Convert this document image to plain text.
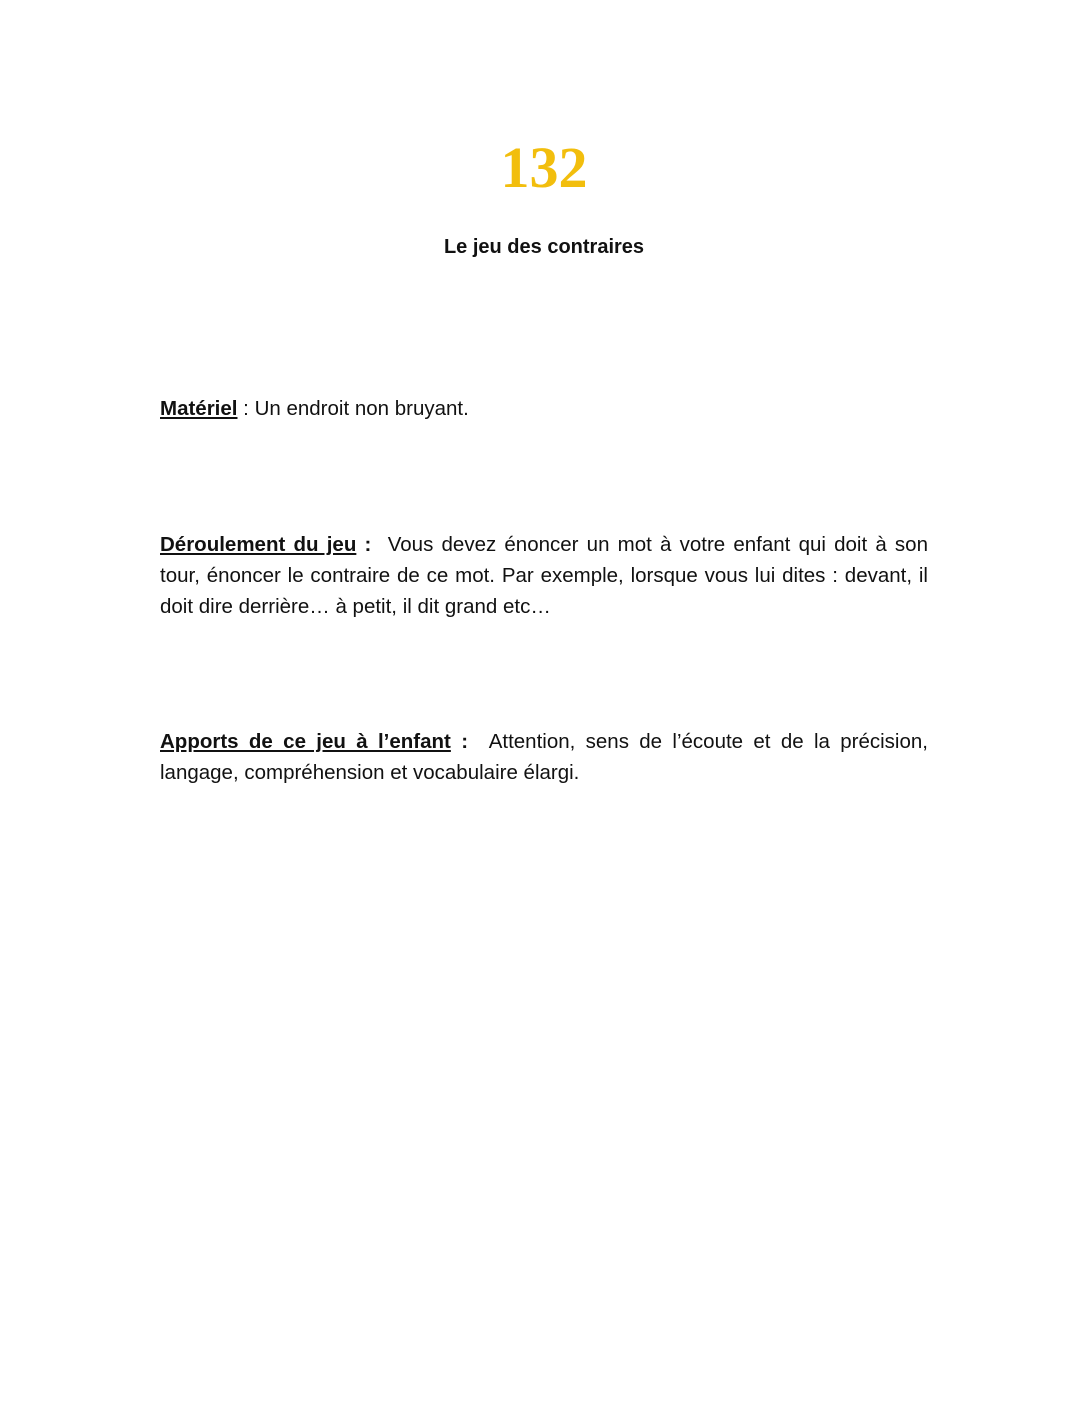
132
Le jeu des contraires
Matériel : Un endroit non bruyant.
Déroulement du jeu :  Vous devez énoncer un mot à votre enfant qui doit à son tour, énoncer le contraire de ce mot. Par exemple, lorsque vous lui dites : devant, il doit dire derrière… à petit, il dit grand etc…
Apports de ce jeu à l’enfant :  Attention, sens de l’écoute et de la précision, langage, compréhension et vocabulaire élargi.
